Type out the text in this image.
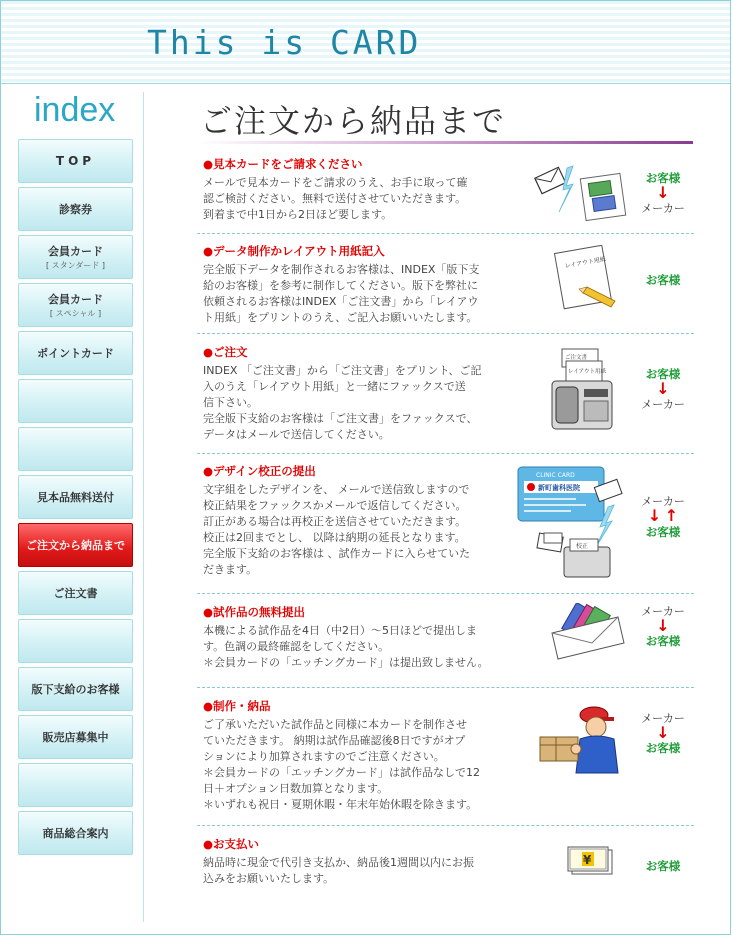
This is CARD
index
TOP
診察券
会員カード
[ スタンダード ]
会員カード
[ スペシャル ]
ポイントカード
見本品無料送付
ご注文から納品まで
ご注文書
版下支給のお客様
販売店募集中
商品総合案内
ご注文から納品まで
●見本カードをご請求ください
メールで見本カードをご請求のうえ、お手に取って確
認ご検討ください。無料で送付させていただきます。
到着まで中1日から2日ほど要します。
お客様
↓
メーカー
●データ制作かレイアウト用紙記入
完全版下データを制作されるお客様は、INDEX「版下支
給のお客様」を参考に制作してください。版下を弊社に
依頼されるお客様はINDEX「ご注文書」から「レイアウ
ト用紙」をプリントのうえ、ご記入お願いいたします。
レイアウト用紙
お客様
●ご注文
INDEX 「ご注文書」から「ご注文書」をプリント、ご記
入のうえ「レイアウト用紙」と一緒にファックスで送
信下さい。
完全版下支給のお客様は「ご注文書」をファックスで、
データはメールで送信してください。
ご注文書
レイアウト用紙	お客様
↓
メーカー
●デザイン校正の提出
文字組をしたデザインを、 メールで送信致しますので
校正結果をファックスかメールで返信してください。
訂正がある場合は再校正を送信させていただきます。
校正は2回までとし、 以降は納期の延長となります。
完全版下支給のお客様は 、試作カードに入らせていた
だきます。
CLINIC CARD
新町歯科医院
校正
メーカー
↓ ↑
お客様
●試作品の無料提出
本機による試作品を4日（中2日）～5日ほどで提出しま
す。色調の最終確認をしてください。
＊会員カードの「エッチングカード」は提出致しません。
メーカー
↓
お客様
●制作・納品
ご了承いただいた試作品と同様に本カードを制作させ
ていただきます。 納期は試作品確認後8日ですがオプ
ションにより加算されますのでご注意ください。
＊会員カードの「エッチングカード」は試作品なしで12
日＋オプション日数加算となります。
＊いずれも祝日・夏期休暇・年末年始休暇を除きます。
メーカー
↓
お客様
●お支払い
納品時に現金で代引き支払か、納品後1週間以内にお振
込みをお願いいたします。
¥	お客様
